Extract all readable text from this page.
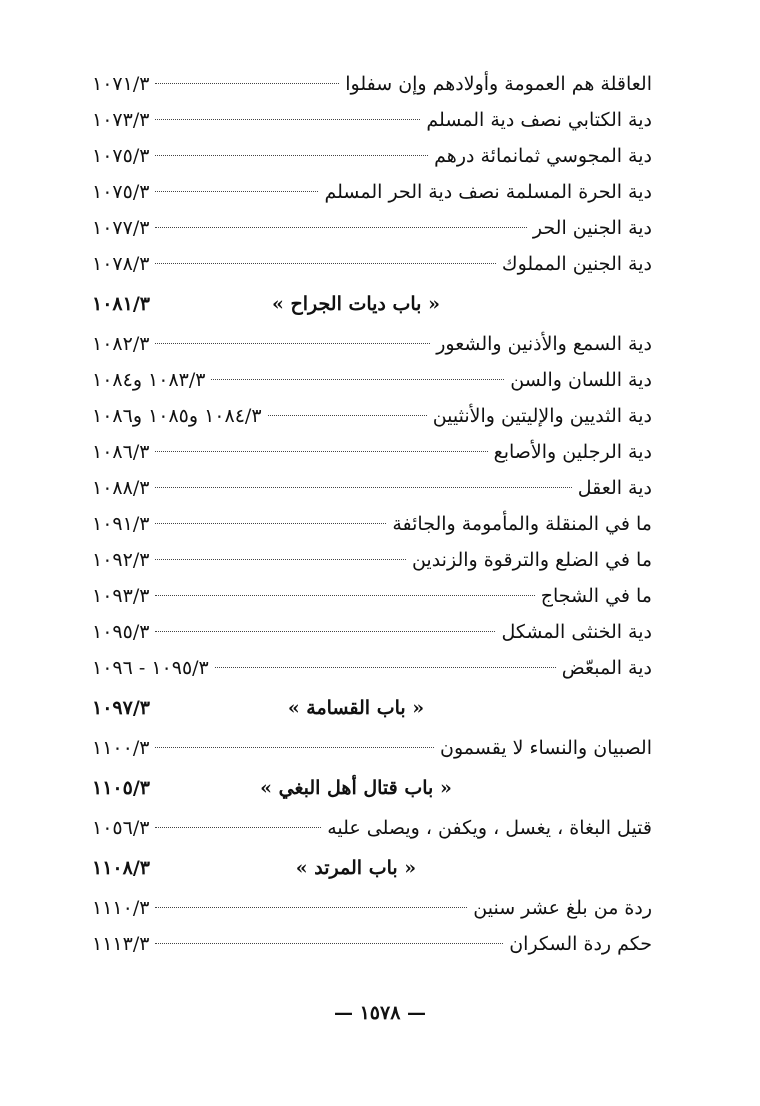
العاقلة هم العمومة وأولادهم وإن سفلوا
١٠٧١/٣
دية الكتابي نصف دية المسلم
١٠٧٣/٣
دية المجوسي ثمانمائة درهم
١٠٧٥/٣
دية الحرة المسلمة نصف دية الحر المسلم
١٠٧٥/٣
دية الجنين الحر
١٠٧٧/٣
دية الجنين المملوك
١٠٧٨/٣
« باب ديات الجراح »
١٠٨١/٣
دية السمع والأذنين والشعور
١٠٨٢/٣
دية اللسان والسن
١٠٨٣/٣ و١٠٨٤
دية الثديين والإليتين والأنثيين
١٠٨٤/٣ و١٠٨٥ و١٠٨٦
دية الرجلين والأصابع
١٠٨٦/٣
دية العقل
١٠٨٨/٣
ما في المنقلة والمأمومة والجائفة
١٠٩١/٣
ما في الضلع والترقوة والزندين
١٠٩٢/٣
ما في الشجاج
١٠٩٣/٣
دية الخنثى المشكل
١٠٩٥/٣
دية المبعّض
١٠٩٥/٣ - ١٠٩٦
« باب القسامة »
١٠٩٧/٣
الصبيان والنساء لا يقسمون
١١٠٠/٣
« باب قتال أهل البغي »
١١٠٥/٣
قتيل البغاة ، يغسل ، ويكفن ، ويصلى عليه
١٠٥٦/٣
« باب المرتد »
١١٠٨/٣
ردة من بلغ عشر سنين
١١١٠/٣
حكم ردة السكران
١١١٣/٣
— ١٥٧٨ —
